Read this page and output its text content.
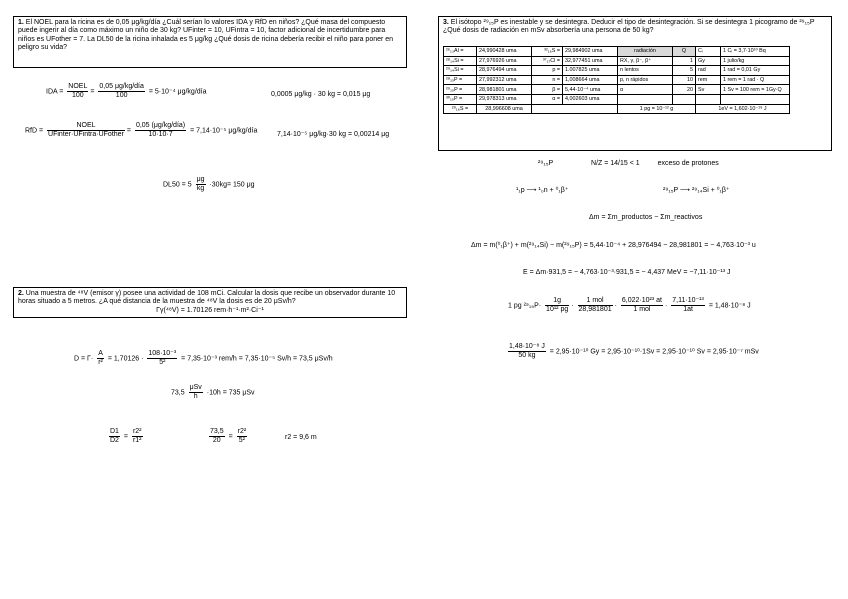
1. El NOEL para la ricina es de 0,05 μg/kg/día ¿Cuál serían lo valores IDA y RfD en niños? ¿Qué masa del compuesto puede ingerir al día como máximo un niño de 30 kg? UFinter = 10, UFintra = 10, factor adicional de incertidumbre para niños es UFother = 7. La DL50 de la ricina inhalada es 5 μg/kg ¿Qué dosis de ricina debería recibir el niño para poner en peligro su vida?
IDA = $\frac{\text{NOEL}}{100} = \frac{\text{0,05 μg/kg/día}}{100} = 5\cdot 10^{-4}$ μg/kg/día	0,0005 μg/kg · 30 kg = 0,015 μg
RfD = $\frac{\text{NOEL}}{\text{UFinter·UFintra·UFother}} = \frac{\text{0,05 (μg/kg/día)}}{10\cdot 10\cdot 7} = 7,14\cdot 10^{-5}$ μg/kg/día
7,14·10⁻⁵ μg/kg·30 kg = 0,00214 μg
$DL50 = 5 \frac{\mu g}{kg} \cdot 30kg= 150$ μg
2. Una muestra de ⁴⁸V (emisor γ) posee una actividad de 108 mCi. Calcular la dosis que recibe un observador durante 10 horas situado a 5 metros. ¿A qué distancia de la muestra de ⁴⁸V la dosis es de 20 μSv/h?
Γγ(⁴⁸V) = 1.70126 rem·h⁻¹·m²·Ci⁻¹
$D = \Gamma\cdot \frac{A}{\text{r²}} = 1,70126 \cdot \frac{\text{108·10⁻³}}{\text{5²}} = 7,35\cdot 10^{-3}$ rem/h = 7,35·10⁻⁵ Sv/h = 73,5 μSv/h
$73,5 \frac{\text{μSv}}{h} \cdot 10h = 735$ μSv
$\frac{D1}{D2} = \frac{\text{r2²}}{\text{r1²}}$	$\frac{73,5}{20} = \frac{\text{r2²}}{\text{5²}}$	r2 = 9,6 m
3. El isótopo ²⁹₁₅P es inestable y se desintegra. Deducir el tipo de desintegración. Si se desintegra 1 picogramo de ²⁹₁₅P ¿Qué dosis de radiación en mSv absorbería una persona de 50 kg?
²⁶₁₃Al =	24,990428 uma	³²₁₆S =	29,984902 uma	radiación	Q	Cᵢ	1 Cᵢ = 3,7·10¹⁰ Bq
²⁸₁₄Si =	27,976926 uma	³⁷₁₇Cl =	32,977451 uma	RX, γ, β⁻, β⁺	1	Gy	1 julio/kg
²⁹₁₄Si =	28,976494 uma	p =	1.007825 uma	n lentos	5	rad	1 rad = 0,01 Gy
²⁸₁₅P =	27,992312 uma	n =	1,008664 uma	p, n rápidos	10	rem	1 rem = 1 rad · Q
²⁹₁₅P =	28,981801 uma	β =	5,44·10⁻⁴ uma	α	20	Sv	1 Sv = 100 rem = 1Gy·Q
³⁰₁₅P =	29,978313 uma	α =	4,002603 uma				
²⁹₁₆S =	28,996608 uma			1 pg = 10⁻¹² g		1eV = 1,602·10⁻¹⁹ J	
²⁹₁₅P	N/Z = 14/15 < 1	exceso de protones
¹₁p ⟶ ¹₀n + ⁰₁β⁺	²⁹₁₅P ⟶ ²⁹₁₄Si + ⁰₁β⁺
Δm = Σm_productos − Σm_reactivos
Δm = m(⁰₁β⁺) + m(²⁹₁₄Si) − m(²⁹₁₅P) = 5,44·10⁻⁴ + 28,976494 − 28,981801 = − 4,763·10⁻³ u
E = Δm·931,5 = − 4,763·10⁻³·931,5 = − 4,437 MeV = −7,11·10⁻¹³ J
1 pg $^{29}_{15}P\cdot \frac{1g}{\text{10¹² pg}} \cdot \frac{\text{1 mol}}{28,981801} \cdot \frac{\text{6,022·10²³ at}}{\text{1 mol}} \cdot \frac{\text{7,11·10⁻¹³}}{1at} = 1,48\cdot 10^{-8}$ J
$\frac{\text{1,48·10⁻⁸ J}}{50 kg} = 2,95\cdot 10^{-10}$ Gy = 2,95·10⁻¹⁰·1Sv = 2,95·10⁻¹⁰ Sv = 2,95·10⁻⁷ mSv
